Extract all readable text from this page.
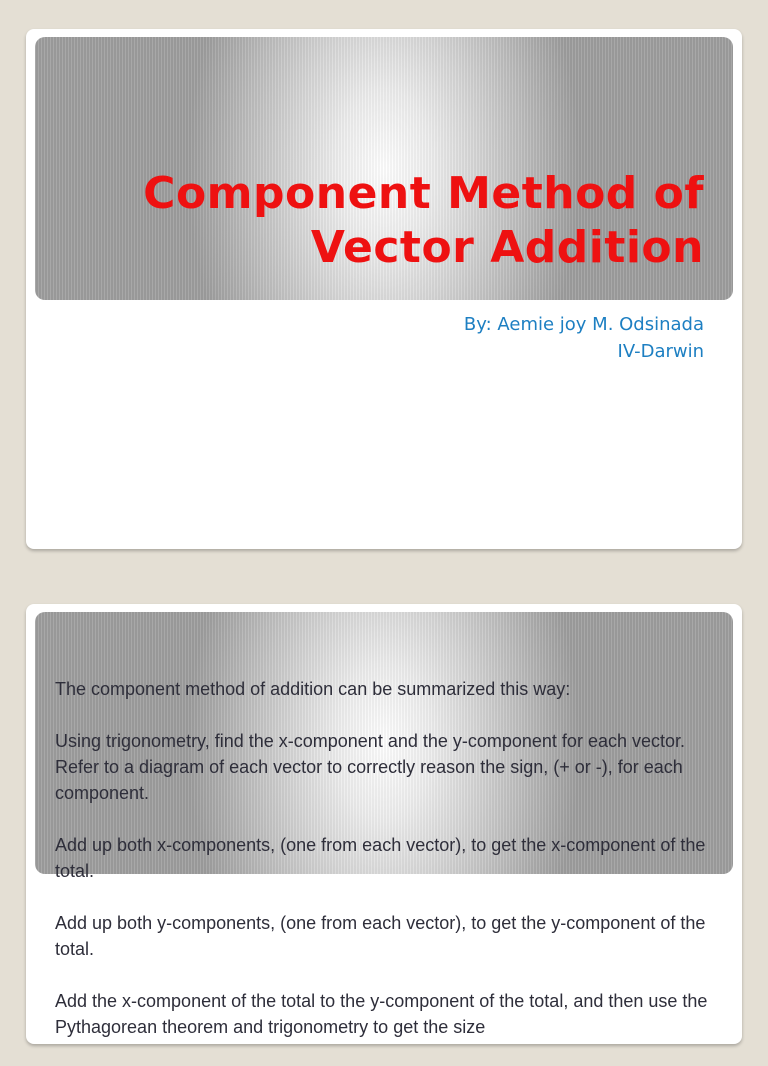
Component Method of
Vector Addition
By: Aemie joy M. Odsinada
IV-Darwin

The component method of addition can be summarized this way:

Using trigonometry, find the x-component and the y-component for each vector. Refer to a diagram of each vector to correctly reason the sign, (+ or -), for each component.

Add up both x-components, (one from each vector), to get the x-component of the total.

Add up both y-components, (one from each vector), to get the y-component of the total.

Add the x-component of the total to the y-component of the total, and then use the Pythagorean theorem and trigonometry to get the size
